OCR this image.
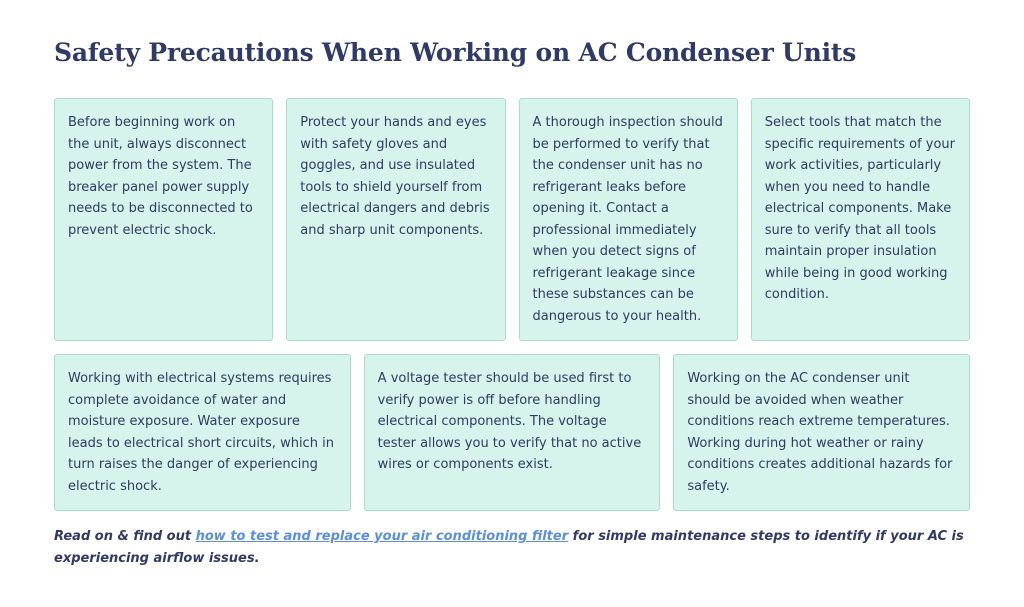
Safety Precautions When Working on AC Condenser Units

Before beginning work on the unit, always disconnect power from the system. The breaker panel power supply needs to be disconnected to prevent electric shock.

Protect your hands and eyes with safety gloves and goggles, and use insulated tools to shield yourself from electrical dangers and debris and sharp unit components.

A thorough inspection should be performed to verify that the condenser unit has no refrigerant leaks before opening it. Contact a professional immediately when you detect signs of refrigerant leakage since these substances can be dangerous to your health.

Select tools that match the specific requirements of your work activities, particularly when you need to handle electrical components. Make sure to verify that all tools maintain proper insulation while being in good working condition.

Working with electrical systems requires complete avoidance of water and moisture exposure. Water exposure leads to electrical short circuits, which in turn raises the danger of experiencing electric shock.

A voltage tester should be used first to verify power is off before handling electrical components. The voltage tester allows you to verify that no active wires or components exist.

Working on the AC condenser unit should be avoided when weather conditions reach extreme temperatures. Working during hot weather or rainy conditions creates additional hazards for safety.

Read on & find out how to test and replace your air conditioning filter for simple maintenance steps to identify if your AC is experiencing airflow issues.
